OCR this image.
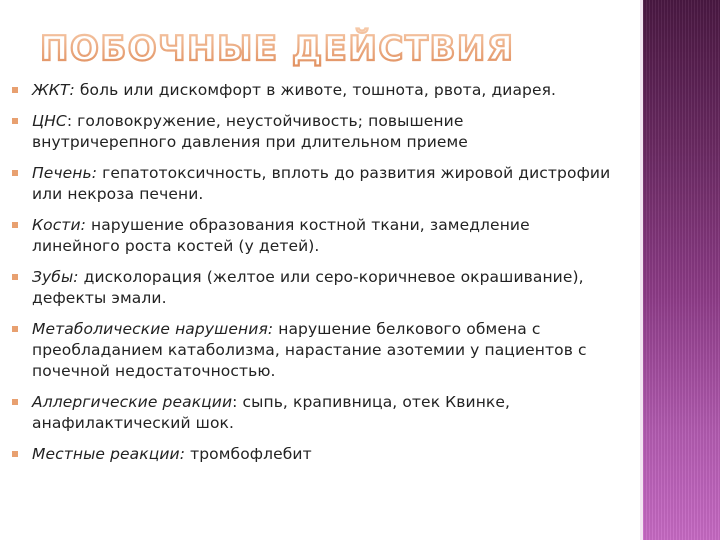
ПОБОЧНЫЕ ДЕЙСТВИЯ
ЖКТ: боль или дискомфорт в животе, тошнота, рвота, диарея.
ЦНС: головокружение, неустойчивость; повышение внутричерепного давления при длительном приеме
Печень: гепатотоксичность, вплоть до развития жировой дистрофии или некроза печени.
Кости: нарушение образования костной ткани, замедление линейного роста костей (у детей).
Зубы: дисколорация (желтое или серо-коричневое окрашивание), дефекты эмали.
Метаболические нарушения: нарушение белкового обмена с преобладанием катаболизма, нарастание азотемии у пациентов с почечной недостаточностью.
Аллергические реакции: сыпь, крапивница, отек Квинке, анафилактический шок.
Местные реакции: тромбофлебит
